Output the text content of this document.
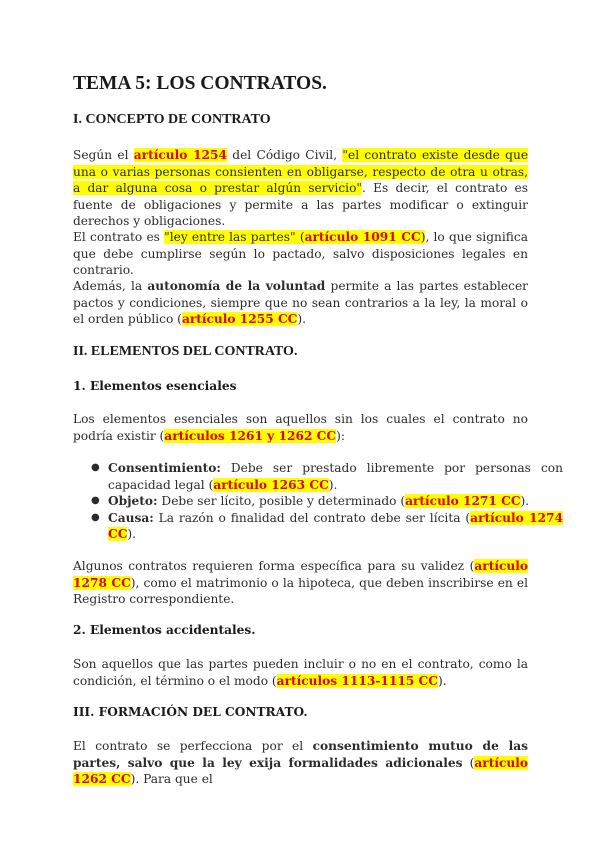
TEMA 5: LOS CONTRATOS.
I. CONCEPTO DE CONTRATO
Según el artículo 1254 del Código Civil, "el contrato existe desde que una o varias personas consienten en obligarse, respecto de otra u otras, a dar alguna cosa o prestar algún servicio". Es decir, el contrato es fuente de obligaciones y permite a las partes modificar o extinguir derechos y obligaciones.
El contrato es "ley entre las partes" (artículo 1091 CC), lo que significa que debe cumplirse según lo pactado, salvo disposiciones legales en contrario.
Además, la autonomía de la voluntad permite a las partes establecer pactos y condiciones, siempre que no sean contrarios a la ley, la moral o el orden público (artículo 1255 CC).
II. ELEMENTOS DEL CONTRATO.
1. Elementos esenciales
Los elementos esenciales son aquellos sin los cuales el contrato no podría existir (artículos 1261 y 1262 CC):
● Consentimiento: Debe ser prestado libremente por personas con capacidad legal (artículo 1263 CC).
● Objeto: Debe ser lícito, posible y determinado (artículo 1271 CC).
● Causa: La razón o finalidad del contrato debe ser lícita (artículo 1274 CC).
Algunos contratos requieren forma específica para su validez (artículo 1278 CC), como el matrimonio o la hipoteca, que deben inscribirse en el Registro correspondiente.
2. Elementos accidentales.
Son aquellos que las partes pueden incluir o no en el contrato, como la condición, el término o el modo (artículos 1113-1115 CC).
III. FORMACIÓN DEL CONTRATO.
El contrato se perfecciona por el consentimiento mutuo de las partes, salvo que la ley exija formalidades adicionales (artículo 1262 CC). Para que el
